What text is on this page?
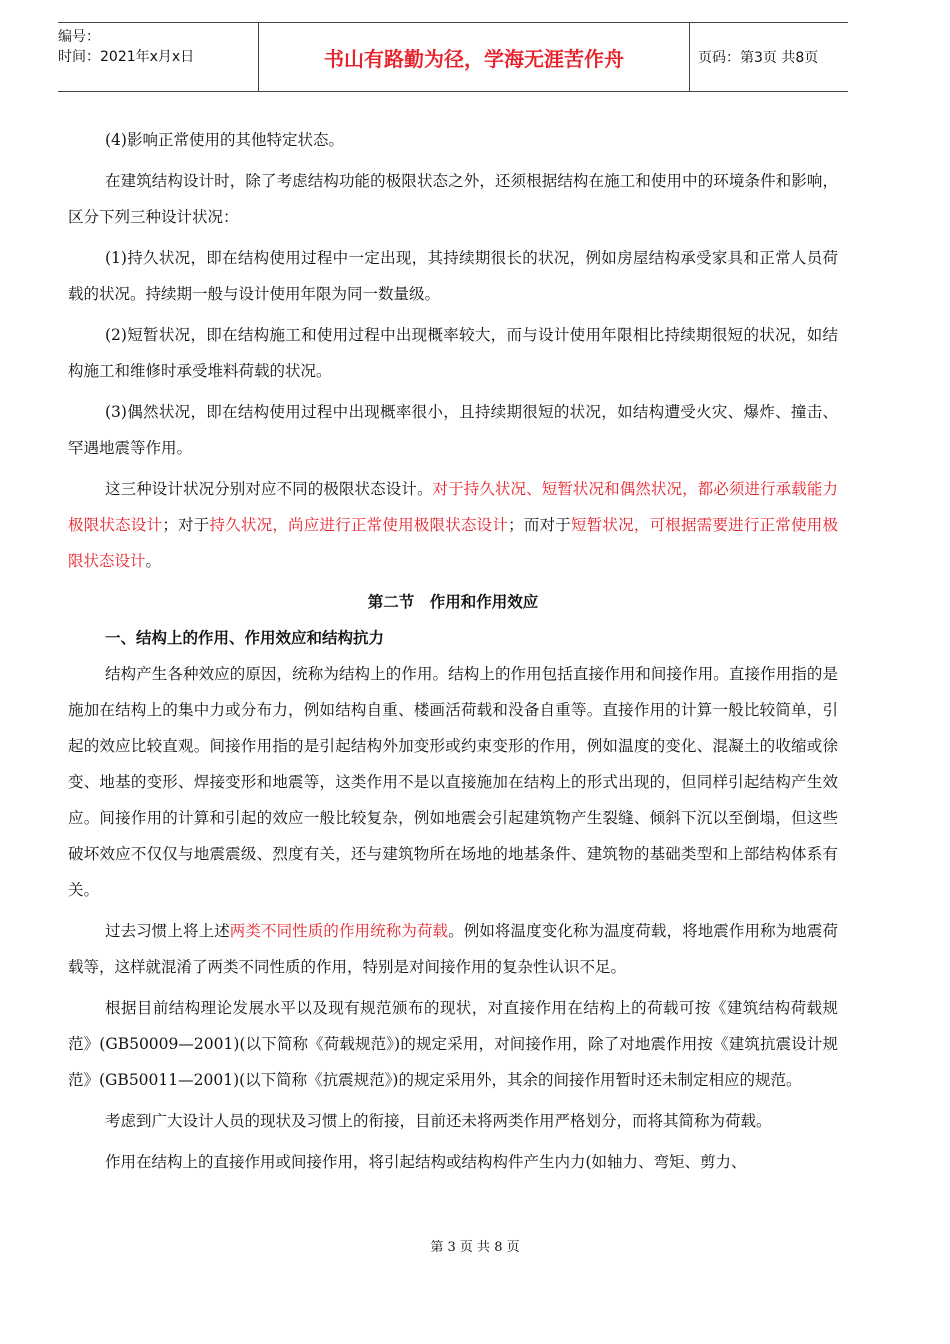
编号：
时间：2021年x月x日	书山有路勤为径，学海无涯苦作舟	页码：第3页 共8页

(4)影响正常使用的其他特定状态。

在建筑结构设计时，除了考虑结构功能的极限状态之外，还须根据结构在施工和使用中的环境条件和影响，区分下列三种设计状况：

(1)持久状况，即在结构使用过程中一定出现，其持续期很长的状况，例如房屋结构承受家具和正常人员荷载的状况。持续期一般与设计使用年限为同一数量级。

(2)短暂状况，即在结构施工和使用过程中出现概率较大，而与设计使用年限相比持续期很短的状况，如结构施工和维修时承受堆料荷载的状况。

(3)偶然状况，即在结构使用过程中出现概率很小，且持续期很短的状况，如结构遭受火灾、爆炸、撞击、罕遇地震等作用。

这三种设计状况分别对应不同的极限状态设计。对于持久状况、短暂状况和偶然状况，都必须进行承载能力极限状态设计；对于持久状况，尚应进行正常使用极限状态设计；而对于短暂状况，可根据需要进行正常使用极限状态设计。

第二节　作用和作用效应

一、结构上的作用、作用效应和结构抗力

结构产生各种效应的原因，统称为结构上的作用。结构上的作用包括直接作用和间接作用。直接作用指的是施加在结构上的集中力或分布力，例如结构自重、楼画活荷载和没备自重等。直接作用的计算一般比较简单，引起的效应比较直观。间接作用指的是引起结构外加变形或约束变形的作用，例如温度的变化、混凝土的收缩或徐变、地基的变形、焊接变形和地震等，这类作用不是以直接施加在结构上的形式出现的，但同样引起结构产生效应。间接作用的计算和引起的效应一般比较复杂，例如地震会引起建筑物产生裂缝、倾斜下沉以至倒塌，但这些破坏效应不仅仅与地震震级、烈度有关，还与建筑物所在场地的地基条件、建筑物的基础类型和上部结构体系有关。

过去习惯上将上述两类不同性质的作用统称为荷载。例如将温度变化称为温度荷载，将地震作用称为地震荷载等，这样就混淆了两类不同性质的作用，特别是对间接作用的复杂性认识不足。

根据目前结构理论发展水平以及现有规范颁布的现状，对直接作用在结构上的荷载可按《建筑结构荷载规范》(GB50009—2001)(以下简称《荷载规范》)的规定采用，对间接作用，除了对地震作用按《建筑抗震设计规范》(GB50011—2001)(以下简称《抗震规范》)的规定采用外，其余的间接作用暂时还未制定相应的规范。

考虑到广大设计人员的现状及习惯上的衔接，目前还未将两类作用严格划分，而将其简称为荷载。

作用在结构上的直接作用或间接作用，将引起结构或结构构件产生内力(如轴力、弯矩、剪力、

第 3 页 共 8 页
